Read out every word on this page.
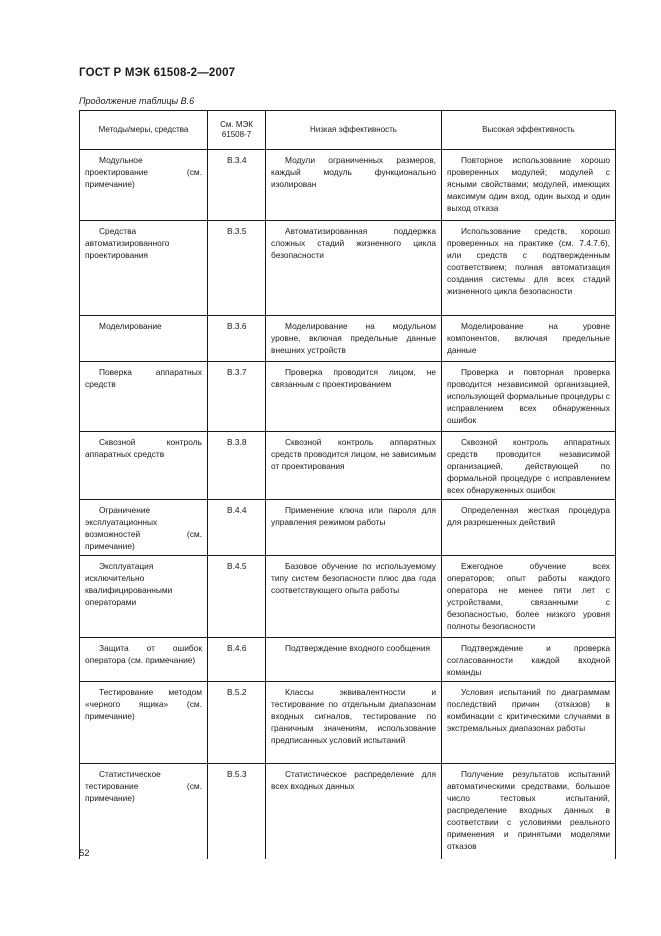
ГОСТ Р МЭК 61508-2—2007
Продолжение таблицы В.6
Методы/меры, средства	См. МЭК 61508-7	Низкая эффективность	Высокая эффективность
Модульное проектирование (см. примечание)	В.3.4	Модули ограниченных размеров, каждый модуль функционально изолирован	Повторное использование хорошо проверенных модулей; модулей с ясными свойствами; модулей, имеющих максимум один вход, один выход и один выход отказа
Средства автоматизированного проектирования	В.3.5	Автоматизированная поддержка сложных стадий жизненного цикла безопасности	Использование средств, хорошо проверенных на практике (см. 7.4.7.6), или средств с подтвержденным соответствием; полная автоматизация создания системы для всех стадий жизненного цикла безопасности
Моделирование	В.3.6	Моделирование на модульном уровне, включая предельные данные внешних устройств	Моделирование на уровне компонентов, включая предельные данные
Поверка аппаратных средств	В.3.7	Проверка проводится лицом, не связанным с проектированием	Проверка и повторная проверка проводится независимой организацией, использующей формальные процедуры с исправлением всех обнаруженных ошибок
Сквозной контроль аппаратных средств	В.3.8	Сквозной контроль аппаратных средств проводится лицом, не зависимым от проектирования	Сквозной контроль аппаратных средств проводится независимой организацией, действующей по формальной процедуре с исправлением всех обнаруженных ошибок
Ограничение эксплуатационных возможностей (см. примечание)	В.4.4	Применение ключа или пароля для управления режимом работы	Определенная жесткая процедура для разрешенных действий
Эксплуатация исключительно квалифицированными операторами	В.4.5	Базовое обучение по используемому типу систем безопасности плюс два года соответствующего опыта работы	Ежегодное обучение всех операторов; опыт работы каждого оператора не менее пяти лет с устройствами, связанными с безопасностью, более низкого уровня полноты безопасности
Защита от ошибок оператора (см. примечание)	В.4.6	Подтверждение входного сообщения	Подтверждение и проверка согласованности каждой входной команды
Тестирование методом «черного ящика» (см. примечание)	В.5.2	Классы эквивалентности и тестирование по отдельным диапазонам входных сигналов, тестирование по граничным значениям, использование предписанных условий испытаний	Условия испытаний по диаграммам последствий причин (отказов) в комбинации с критическими случаями в экстремальных диапазонах работы
Статистическое тестирование (см. примечание)	В.5.3	Статистическое распределение для всех входных данных	Получение результатов испытаний автоматическими средствами, большое число тестовых испытаний, распределение входных данных в соответствии с условиями реального применения и принятыми моделями отказов
52
